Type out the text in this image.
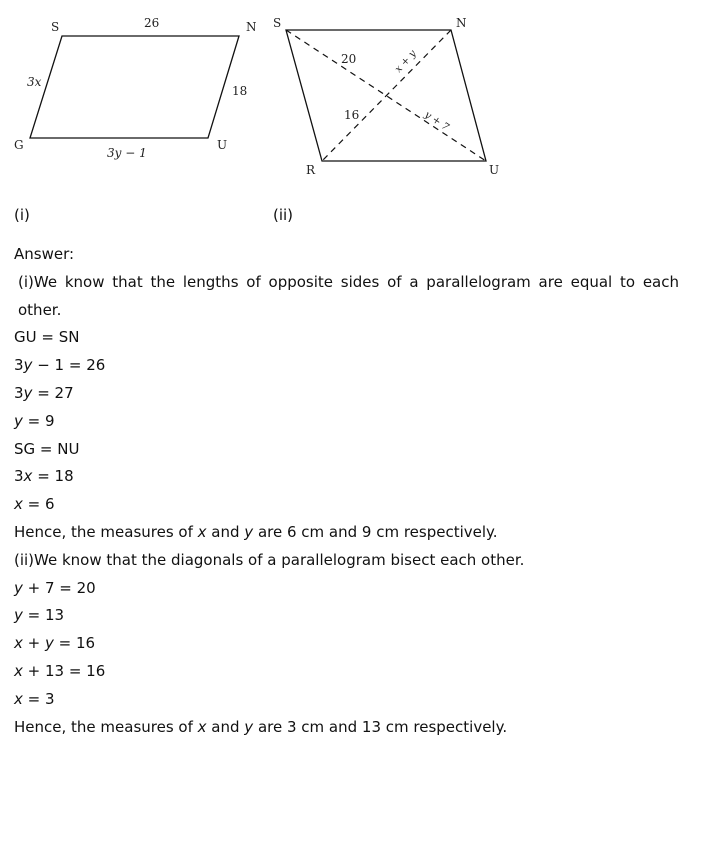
S	N
G	U
26
3x
18
3y − 1
S	N
R	U
20
16
x + y
y + 7
(i)	(ii)

Answer:

(i)We know that the lengths of opposite sides of a parallelogram are equal to each other.

GU = SN

3y − 1 = 26

3y = 27

y = 9

SG = NU

3x = 18

x = 6

Hence, the measures of x and y are 6 cm and 9 cm respectively.

(ii)We know that the diagonals of a parallelogram bisect each other.

y + 7 = 20

y = 13

x + y = 16

x + 13 = 16

x = 3

Hence, the measures of x and y are 3 cm and 13 cm respectively.
